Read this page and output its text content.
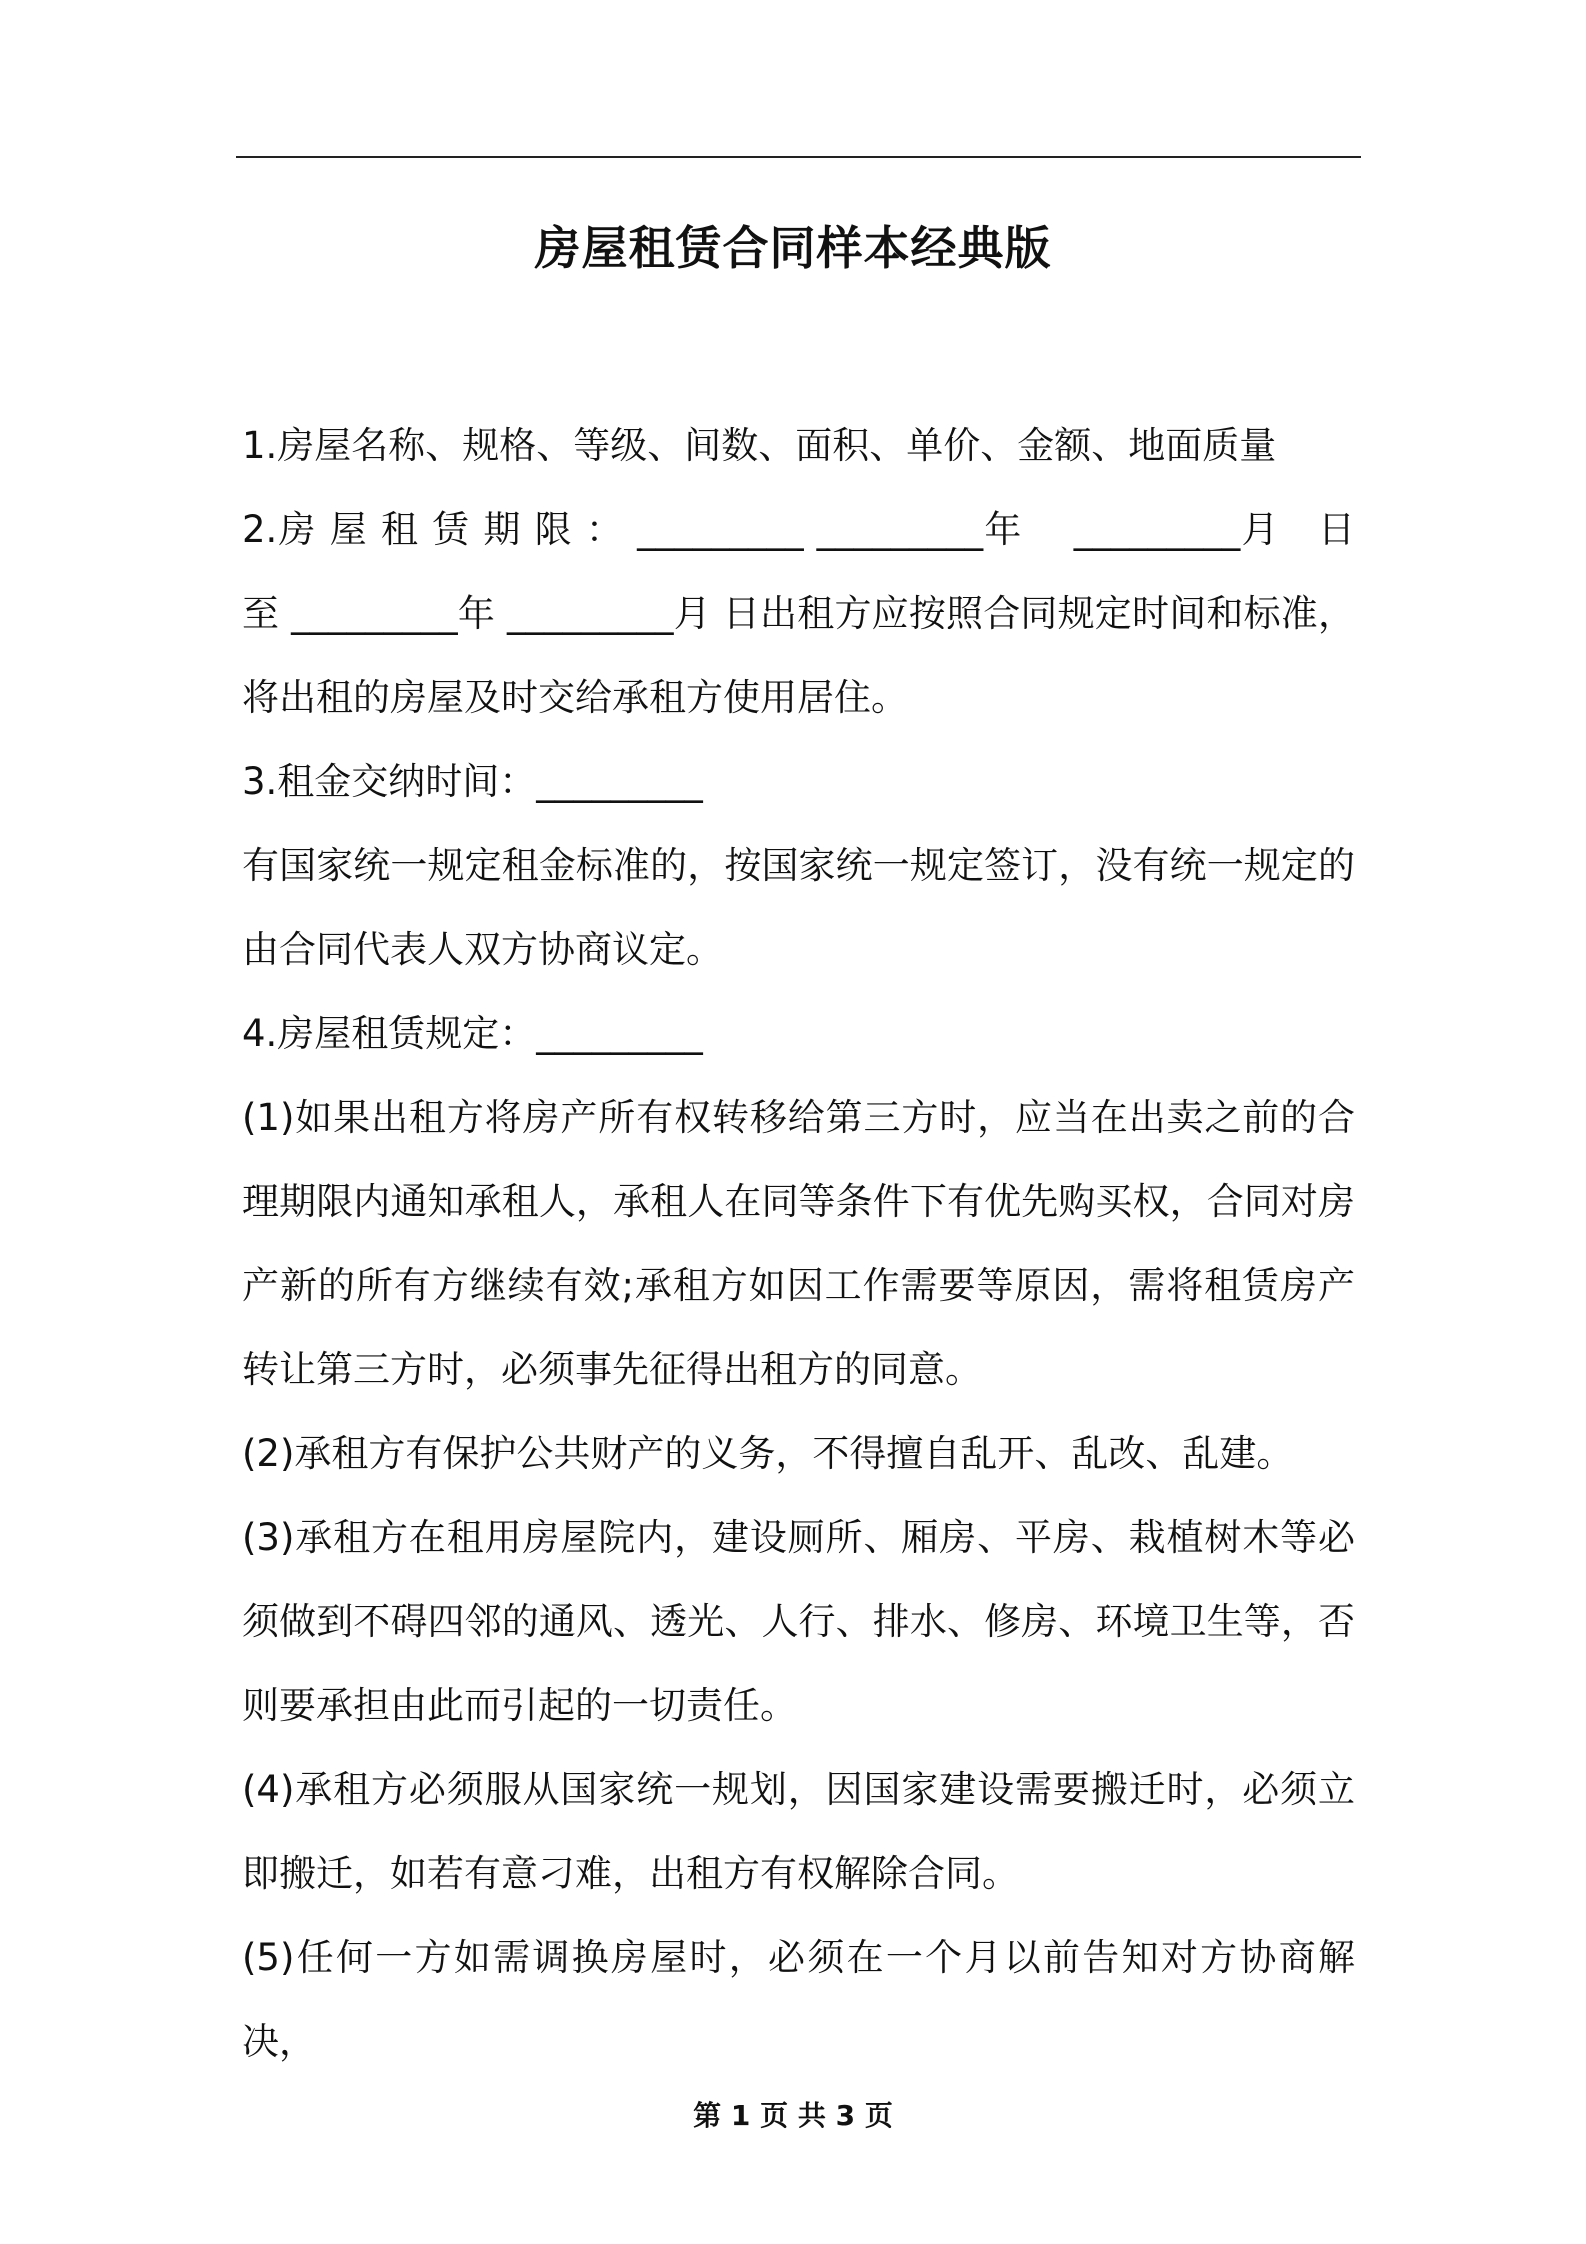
房屋租赁合同样本经典版

1.房屋名称、规格、等级、间数、面积、单价、金额、地面质量

2.房 屋 租 赁 期 限 ： _________ _________年　 _________月　日至 _________年 _________月 日出租方应按照合同规定时间和标准，将出租的房屋及时交给承租方使用居住。

3.租金交纳时间：_________

有国家统一规定租金标准的，按国家统一规定签订，没有统一规定的由合同代表人双方协商议定。

4.房屋租赁规定：_________

(1)如果出租方将房产所有权转移给第三方时，应当在出卖之前的合理期限内通知承租人，承租人在同等条件下有优先购买权，合同对房产新的所有方继续有效;承租方如因工作需要等原因，需将租赁房产转让第三方时，必须事先征得出租方的同意。

(2)承租方有保护公共财产的义务，不得擅自乱开、乱改、乱建。

(3)承租方在租用房屋院内，建设厕所、厢房、平房、栽植树木等必须做到不碍四邻的通风、透光、人行、排水、修房、环境卫生等，否则要承担由此而引起的一切责任。

(4)承租方必须服从国家统一规划，因国家建设需要搬迁时，必须立即搬迁，如若有意刁难，出租方有权解除合同。

(5)任何一方如需调换房屋时，必须在一个月以前告知对方协商解决，

第 1 页 共 3 页
